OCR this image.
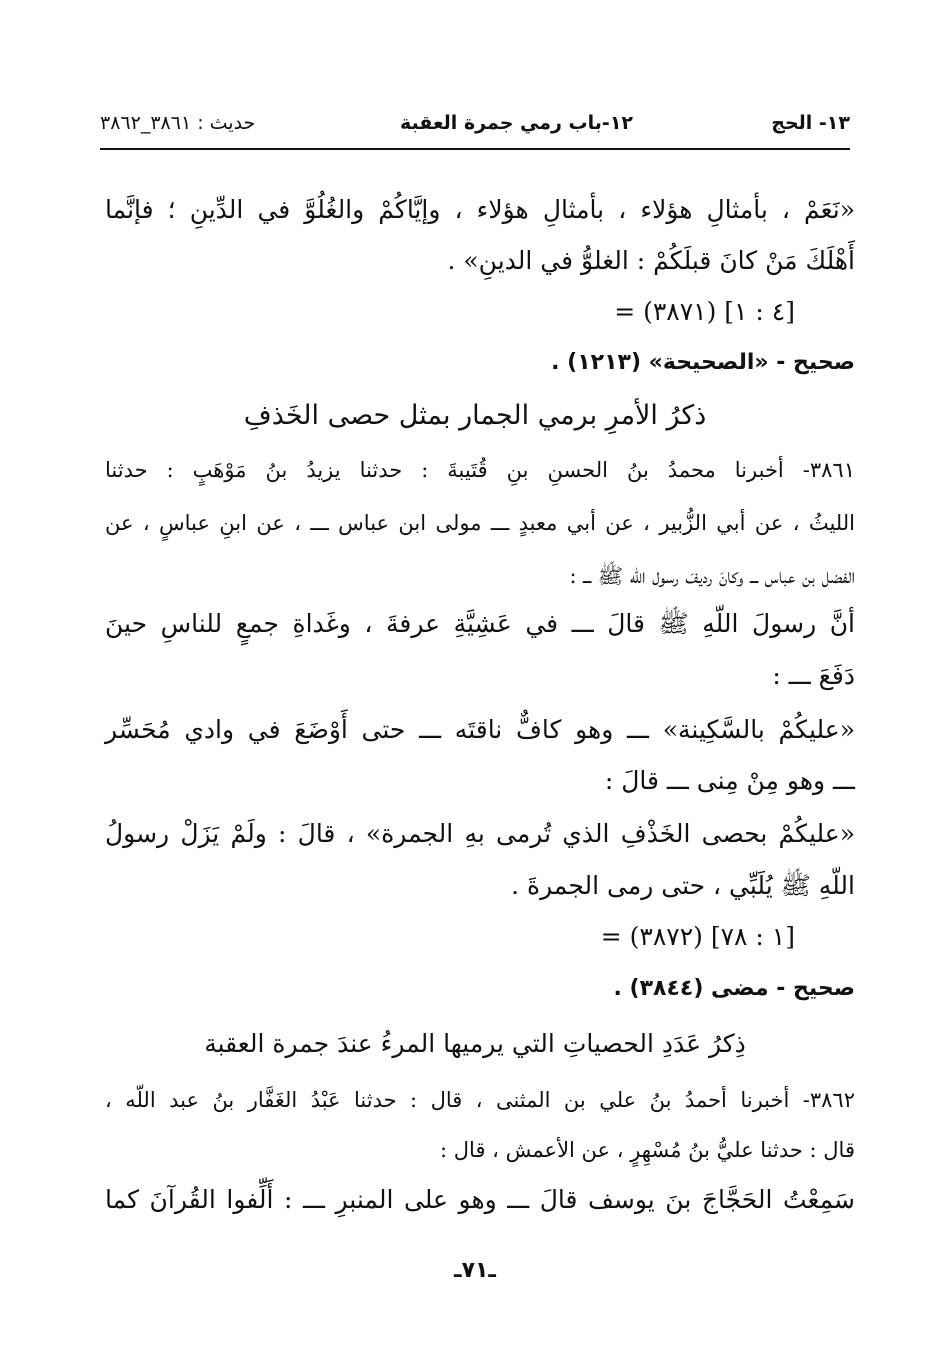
١٣- الحج
١٢-باب رمي جمرة العقبة
حديث : ٣٨٦١_٣٨٦٢
«نَعَمْ ، بأمثالِ هؤلاء ، بأمثالِ هؤلاء ، وإيَّاكُمْ والغُلُوَّ في الدِّينِ ؛ فإنَّما
أَهْلَكَ مَنْ كانَ قبلَكُمْ : الغلوُّ في الدينِ» .
= (٣٨٧١) [٤ : ١]
صحيح - «الصحيحة» (١٢١٣) .
ذكرُ الأمرِ برمي الجمار بمثل حصى الخَذفِ
٣٨٦١- أخبرنا محمدُ بنُ الحسنِ بنِ قُتَيبةَ : حدثنا يزيدُ بنُ مَوْهَبٍ : حدثنا
الليثُ ، عن أبي الزُّبير ، عن أبي معبدٍ ـــ مولى ابن عباس ـــ ، عن ابنِ عباسٍ ، عن
الفضل بن عباس ـــ وكانَ رديفَ رسول اللّه ﷺ ـــ :
أنَّ رسولَ اللّهِ ﷺ قالَ ـــ في عَشِيَّةِ عرفةَ ، وغَداةِ جمعٍ للناسِ حينَ
دَفَعَ ـــ :
«عليكُمْ بالسَّكِينة» ـــ وهو كافٌّ ناقتَه ـــ حتى أَوْضَعَ في وادي مُحَسِّر
ـــ وهو مِنْ مِنى ـــ قالَ :
«عليكُمْ بحصى الخَذْفِ الذي تُرمى بهِ الجمرة» ، قالَ : ولَمْ يَزَلْ رسولُ
اللّهِ ﷺ يُلَبِّي ، حتى رمى الجمرةَ .
= (٣٨٧٢) [١ : ٧٨]
صحيح - مضى (٣٨٤٤) .
ذِكرُ عَدَدِ الحصياتِ التي يرميها المرءُ عندَ جمرة العقبة
٣٨٦٢- أخبرنا أحمدُ بنُ علي بن المثنى ، قال : حدثنا عَبْدُ الغَفَّار بنُ عبد اللّه ،
قال : حدثنا عليُّ بنُ مُسْهِرٍ ، عن الأعمش ، قال :
سَمِعْتُ الحَجَّاجَ بنَ يوسف قالَ ـــ وهو على المنبرِ ـــ : أَلِّفوا القُرآنَ كما
ـ٧١ـ
